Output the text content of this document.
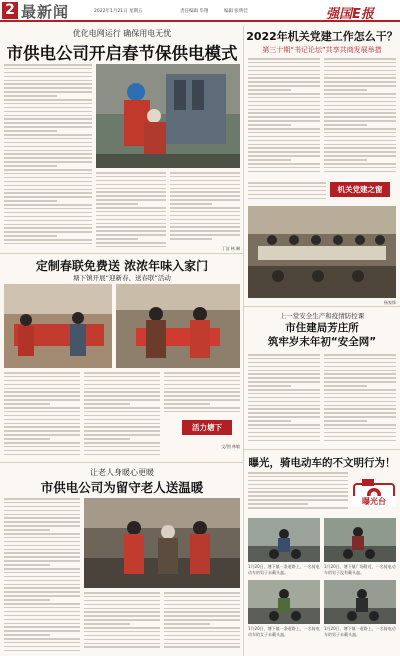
2 最新闻	2022年1月21日 星期五	责任编辑 毕翔	编辑 张明佳	强国E报
优化电网运行 确保用电无忧
市供电公司开启春节保供电模式
丁洁 林 琳
2022年机关党建工作怎么干？
第三十期“书记论坛”共享共商发展举措
机关党建之窗
杨家锋
定制春联免费送 浓浓年味入家门
塘下镇开展“迎新春、送春联”活动
活力塘下
文/图 林敏
上一堂安全生产和疫情防控课
市住建局芳庄所
筑牢岁末年初“安全网”
曝光，骑电动车的不文明行为！
曝光台
1月20日，塘下镇一条道路上，一名骑电动车的男子未戴头盔。
1月20日，塘下镇广场附近，一名骑电动车的男子没有戴头盔。
1月20日，塘下镇一条道路上，一名骑电动车的女子未戴头盔。
1月20日，塘下镇一道路上，一名骑电动车的男子未戴头盔。
让老人身暖心更暖
市供电公司为留守老人送温暖
